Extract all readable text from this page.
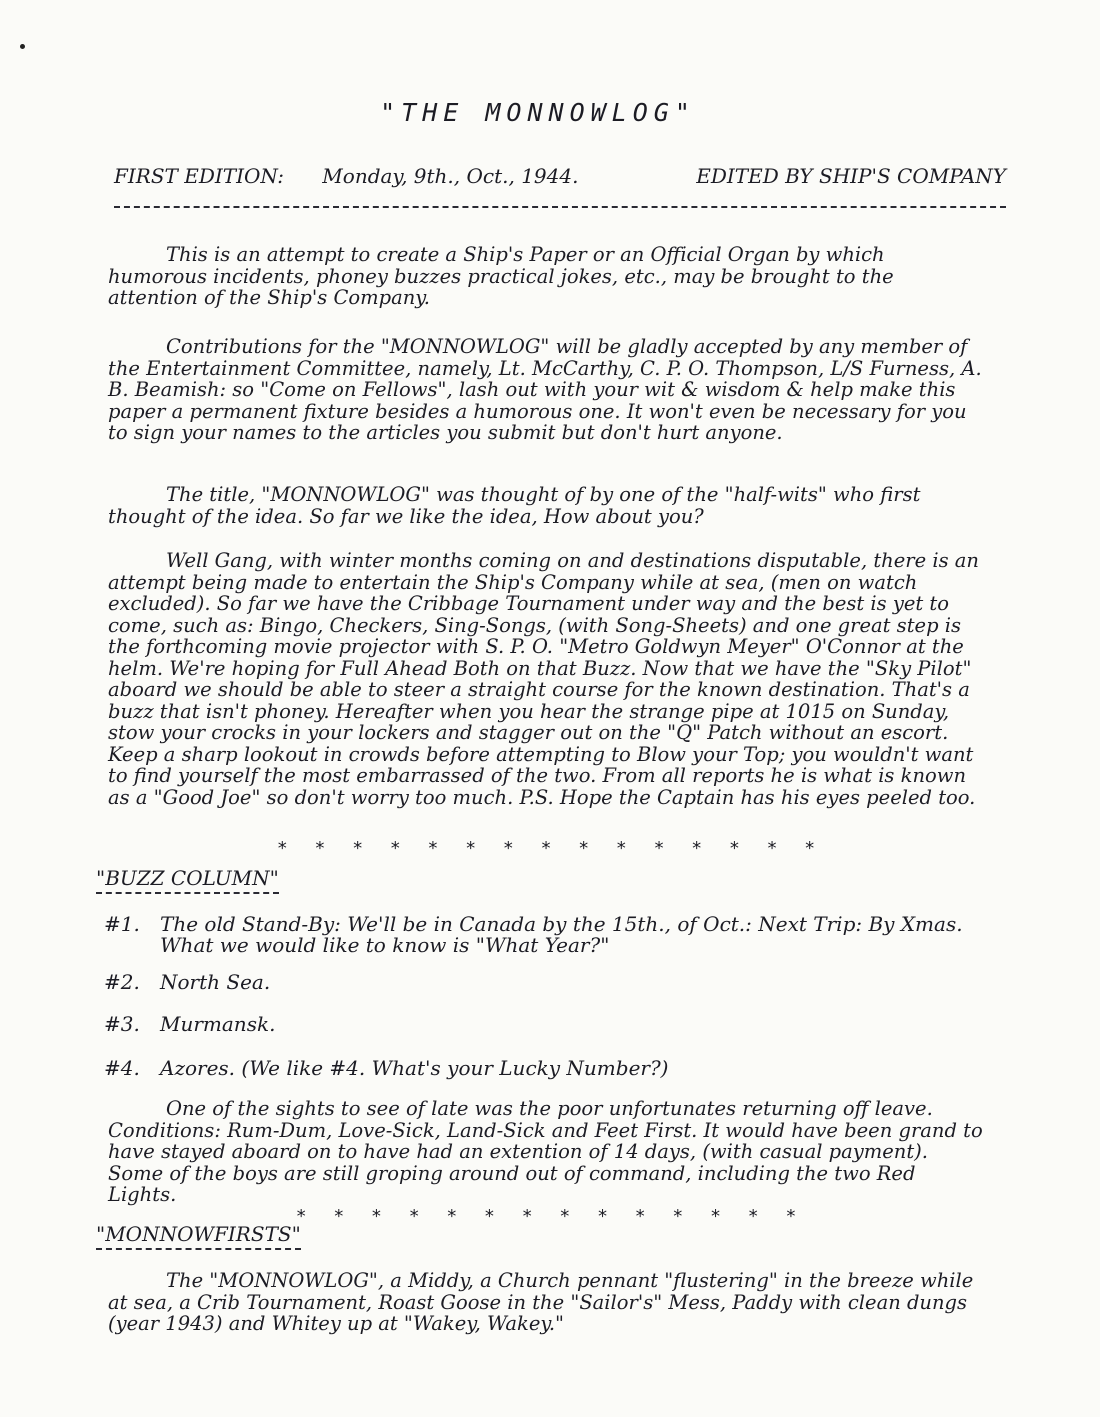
"THE MONNOWLOG"
FIRST EDITION: Monday, 9th., Oct., 1944.	EDITED BY SHIP'S COMPANY

This is an attempt to create a Ship's Paper or an Official Organ by which humorous incidents, phoney buzzes practical jokes, etc., may be brought to the attention of the Ship's Company.

Contributions for the "MONNOWLOG" will be gladly accepted by any member of the Entertainment Committee, namely, Lt. McCarthy, C. P. O. Thompson, L/S Furness, A. B. Beamish: so "Come on Fellows", lash out with your wit & wisdom & help make this paper a permanent fixture besides a humorous one. It won't even be necessary for you to sign your names to the articles you submit but don't hurt anyone.

The title, "MONNOWLOG" was thought of by one of the "half-wits" who first thought of the idea. So far we like the idea, How about you?

Well Gang, with winter months coming on and destinations disputable, there is an attempt being made to entertain the Ship's Company while at sea, (men on watch excluded). So far we have the Cribbage Tournament under way and the best is yet to come, such as: Bingo, Checkers, Sing-Songs, (with Song-Sheets) and one great step is the forthcoming movie projector with S. P. O. "Metro Goldwyn Meyer" O'Connor at the helm. We're hoping for Full Ahead Both on that Buzz. Now that we have the "Sky Pilot" aboard we should be able to steer a straight course for the known destination. That's a buzz that isn't phoney. Hereafter when you hear the strange pipe at 1015 on Sunday, stow your crocks in your lockers and stagger out on the "Q" Patch without an escort. Keep a sharp lookout in crowds before attempting to Blow your Top; you wouldn't want to find yourself the most embarrassed of the two. From all reports he is what is known as a "Good Joe" so don't worry too much. P.S. Hope the Captain has his eyes peeled too.

* * * * * * * * * * * * * * *
"BUZZ COLUMN"
#1.	The old Stand-By: We'll be in Canada by the 15th., of Oct.: Next Trip: By Xmas. What we would like to know is "What Year?"
#2.	North Sea.
#3.	Murmansk.
#4.	Azores. (We like #4. What's your Lucky Number?)

One of the sights to see of late was the poor unfortunates returning off leave. Conditions: Rum-Dum, Love-Sick, Land-Sick and Feet First. It would have been grand to have stayed aboard on to have had an extention of 14 days, (with casual payment). Some of the boys are still groping around out of command, including the two Red Lights.

* * * * * * * * * * * * * *
"MONNOWFIRSTS"

The "MONNOWLOG", a Middy, a Church pennant "flustering" in the breeze while at sea, a Crib Tournament, Roast Goose in the "Sailor's" Mess, Paddy with clean dungs (year 1943) and Whitey up at "Wakey, Wakey."
